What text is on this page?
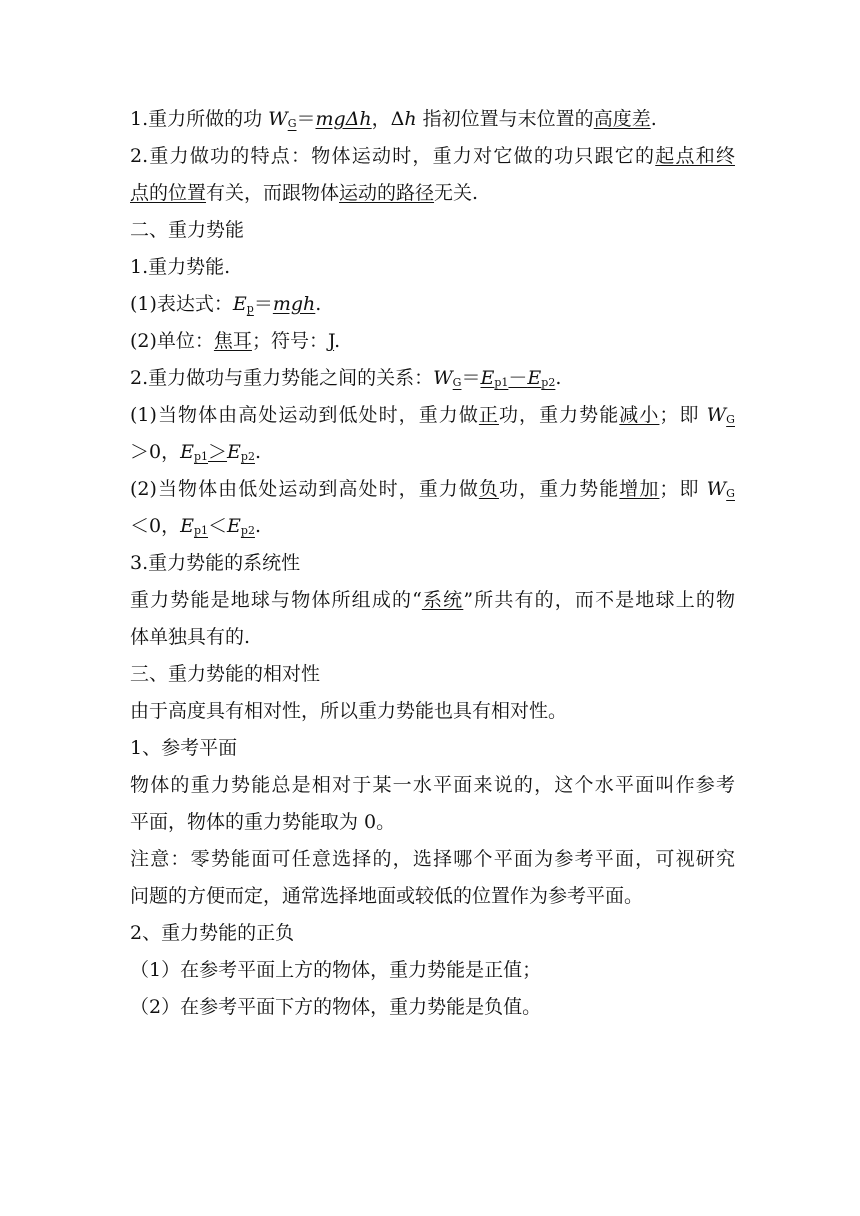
1.重力所做的功 $W_G=mg\Delta h$，Δh 指初位置与末位置的高度差.
2.重力做功的特点：物体运动时，重力对它做的功只跟它的起点和终
点的位置有关，而跟物体运动的路径无关.
二、重力势能
1.重力势能.
(1)表达式：$E_p=mgh$.
(2)单位：焦耳；符号：J.
2.重力做功与重力势能之间的关系：$W_G=E_{p1}-E_{p2}$.
(1)当物体由高处运动到低处时，重力做正功，重力势能减小；即 $W_G$
＞0，$E_{p1}>E_{p2}$.
(2)当物体由低处运动到高处时，重力做负功，重力势能增加；即 $W_G$
＜0，$E_{p1}<E_{p2}$.
3.重力势能的系统性
重力势能是地球与物体所组成的“系统”所共有的，而不是地球上的物
体单独具有的.
三、重力势能的相对性
由于高度具有相对性，所以重力势能也具有相对性。
1、参考平面
物体的重力势能总是相对于某一水平面来说的，这个水平面叫作参考
平面，物体的重力势能取为 0。
注意：零势能面可任意选择的，选择哪个平面为参考平面，可视研究
问题的方便而定，通常选择地面或较低的位置作为参考平面。
2、重力势能的正负
（1）在参考平面上方的物体，重力势能是正值；
（2）在参考平面下方的物体，重力势能是负值。
